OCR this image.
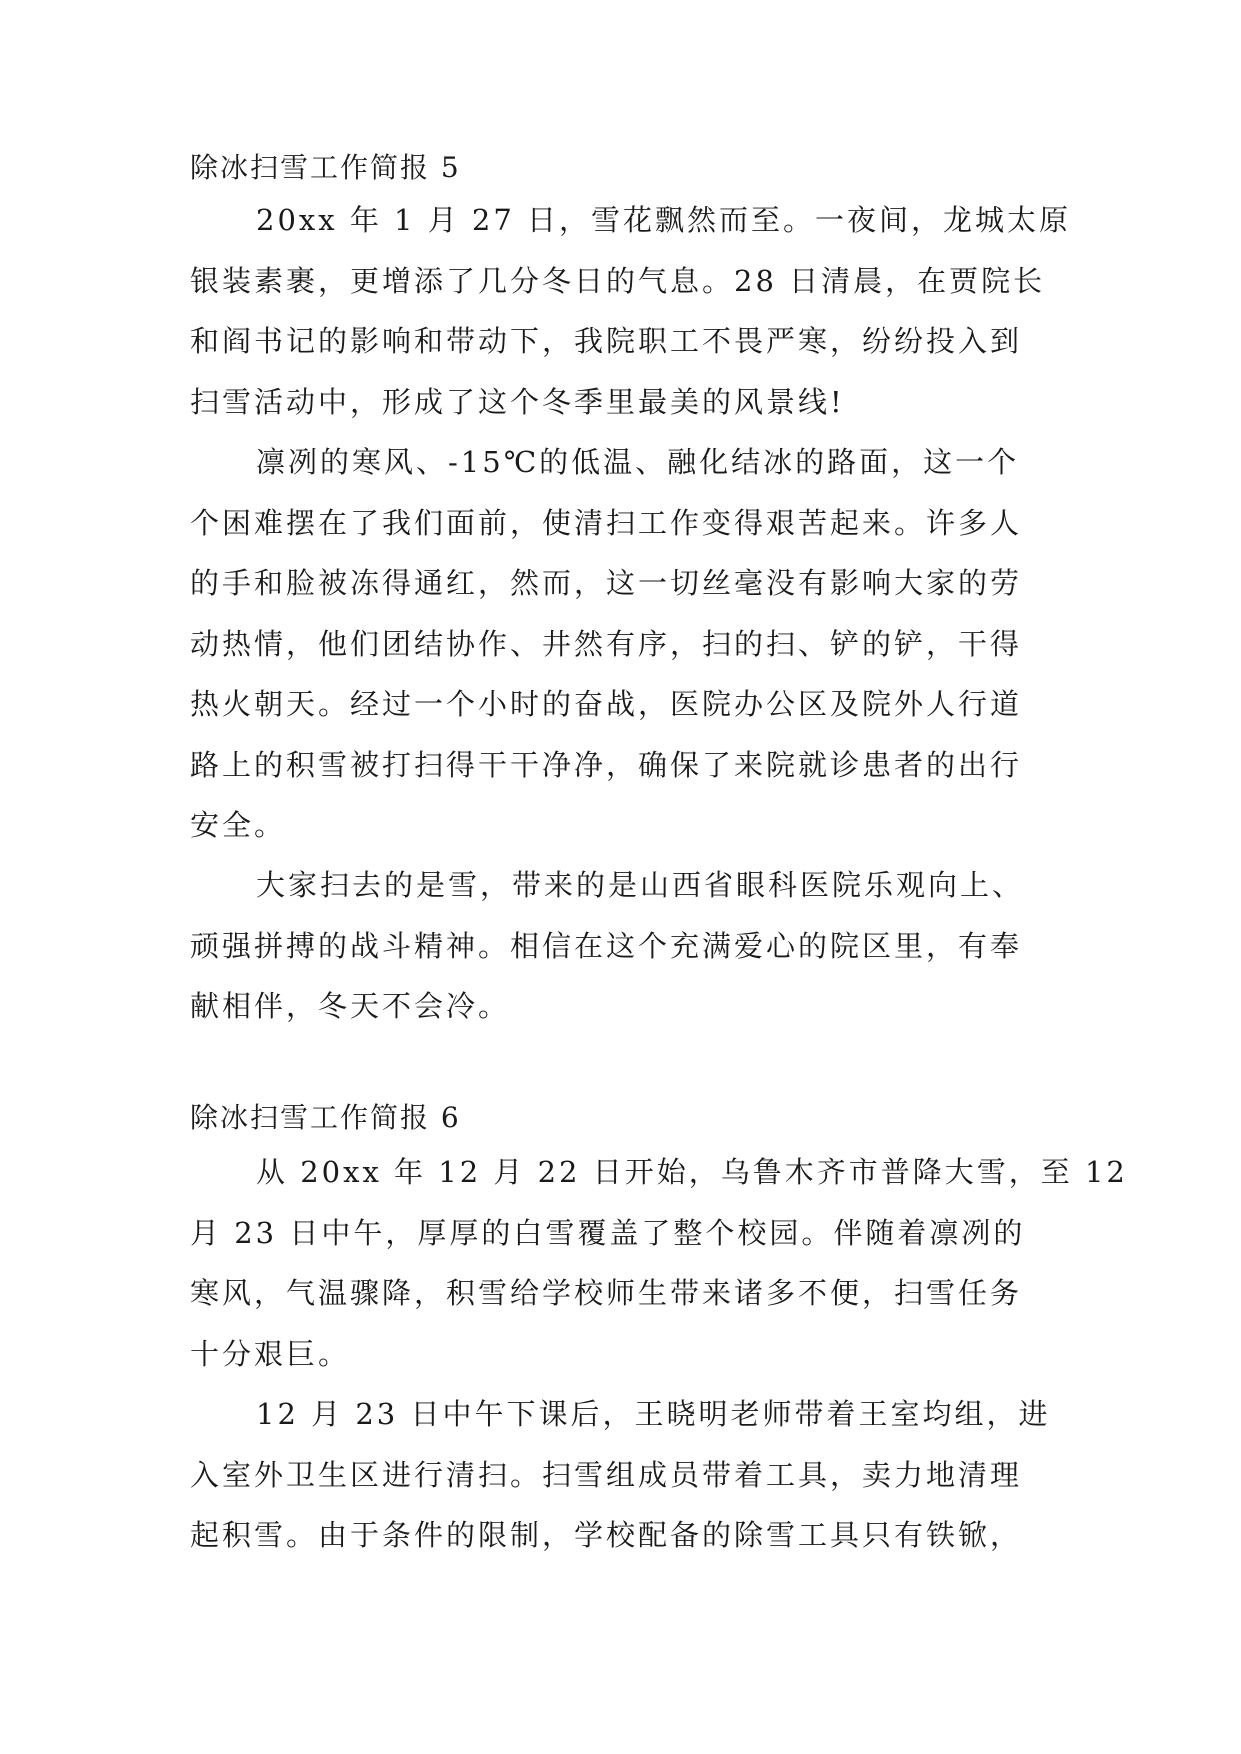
除冰扫雪工作简报 5
20xx 年 1 月 27 日，雪花飘然而至。一夜间，龙城太原
银装素裹，更增添了几分冬日的气息。28 日清晨，在贾院长
和阎书记的影响和带动下，我院职工不畏严寒，纷纷投入到
扫雪活动中，形成了这个冬季里最美的风景线!
凛冽的寒风、-15℃的低温、融化结冰的路面，这一个
个困难摆在了我们面前，使清扫工作变得艰苦起来。许多人
的手和脸被冻得通红，然而，这一切丝毫没有影响大家的劳
动热情，他们团结协作、井然有序，扫的扫、铲的铲，干得
热火朝天。经过一个小时的奋战，医院办公区及院外人行道
路上的积雪被打扫得干干净净，确保了来院就诊患者的出行
安全。
大家扫去的是雪，带来的是山西省眼科医院乐观向上、
顽强拼搏的战斗精神。相信在这个充满爱心的院区里，有奉
献相伴，冬天不会冷。
除冰扫雪工作简报 6
从 20xx 年 12 月 22 日开始，乌鲁木齐市普降大雪，至 12
月 23 日中午，厚厚的白雪覆盖了整个校园。伴随着凛冽的
寒风，气温骤降，积雪给学校师生带来诸多不便，扫雪任务
十分艰巨。
12 月 23 日中午下课后，王晓明老师带着王室均组，进
入室外卫生区进行清扫。扫雪组成员带着工具，卖力地清理
起积雪。由于条件的限制，学校配备的除雪工具只有铁锨，
